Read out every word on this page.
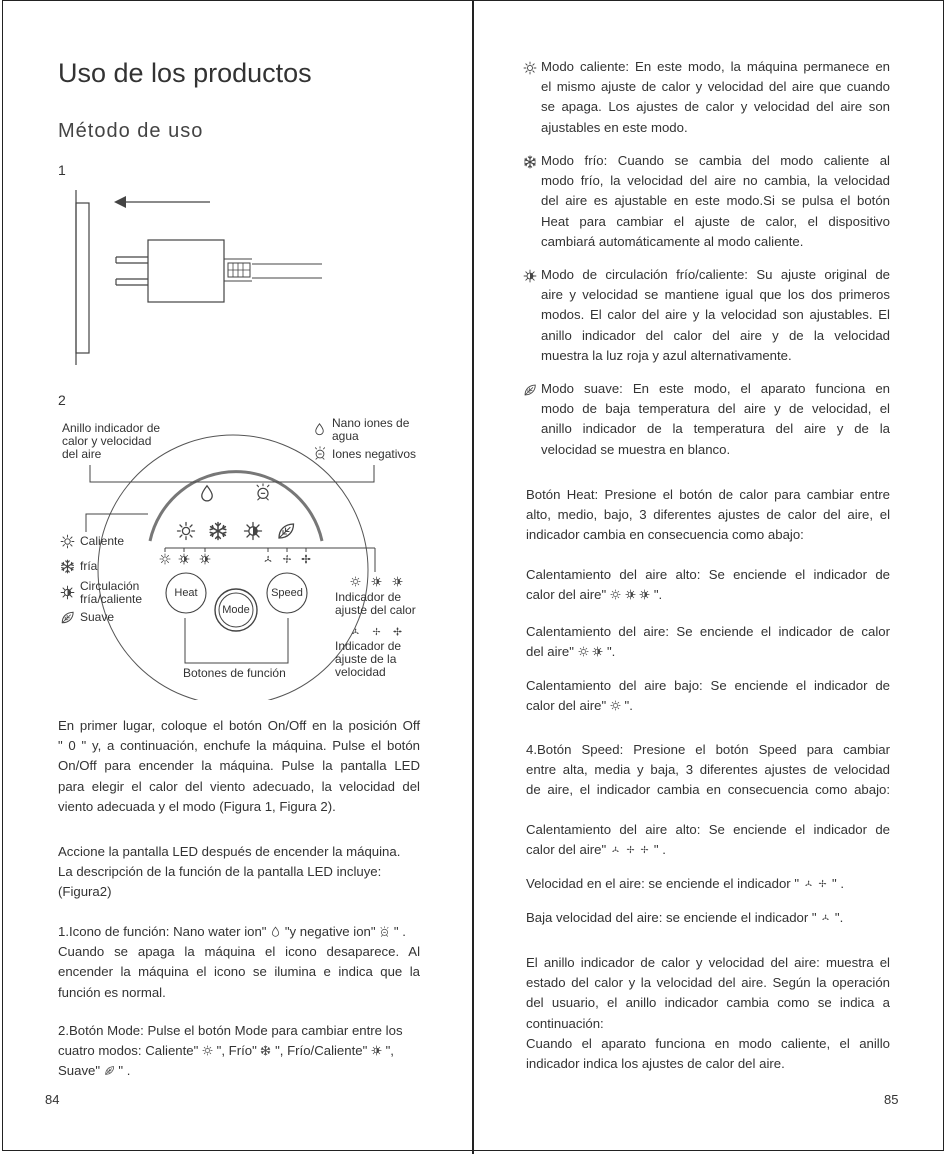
Uso de los productos
Método de uso
1
2
Anillo indicador de
calor y velocidad
del aire
Nano iones de
agua
Iones negativos
Caliente
fría
Circulación
fría/caliente
Suave
Heat
Mode
Speed	Indicador de
ajuste del calor
Indicador de
ajuste de la
velocidad
Botones de función
En primer lugar, coloque el botón On/Off en la posición Off
" 0 " y, a continuación, enchufe la máquina. Pulse el botón
On/Off para encender la máquina. Pulse la pantalla LED
para elegir el calor del viento adecuado, la velocidad del
viento adecuada y el modo (Figura 1, Figura 2).
Accione la pantalla LED después de encender la máquina.
La descripción de la función de la pantalla LED incluye:
(Figura2)
1.Icono de función: Nano water ion"  "y negative ion"  " .
Cuando se apaga la máquina el icono desaparece. Al
encender la máquina el icono se ilumina e indica que la
función es normal.
2.Botón Mode: Pulse el botón Mode para cambiar entre los
cuatro modos: Caliente"  ", Frío"  ", Frío/Caliente"  ",
Suave"  " .
84
Modo caliente: En este modo, la máquina permanece en
el mismo ajuste de calor y velocidad del aire que cuando
se apaga. Los ajustes de calor y velocidad del aire son
ajustables en este modo.
Modo frío: Cuando se cambia del modo caliente al
modo frío, la velocidad del aire no cambia, la velocidad
del aire es ajustable en este modo.Si se pulsa el botón
Heat para cambiar el ajuste de calor, el dispositivo
cambiará automáticamente al modo caliente.
Modo de circulación frío/caliente: Su ajuste original de
aire y velocidad se mantiene igual que los dos primeros
modos. El calor del aire y la velocidad son ajustables. El
anillo indicador del calor del aire y de la velocidad
muestra la luz roja y azul alternativamente.
Modo suave: En este modo, el aparato funciona en
modo de baja temperatura del aire y de velocidad, el
anillo indicador de la temperatura del aire y de la
velocidad se muestra en blanco.
Botón Heat: Presione el botón de calor para cambiar entre
alto, medio, bajo, 3 diferentes ajustes de calor del aire, el
indicador cambia en consecuencia como abajo:
Calentamiento del aire alto: Se enciende el indicador de
calor del aire"	".
Calentamiento del aire: Se enciende el indicador de calor
del aire"   ".
Calentamiento del aire bajo: Se enciende el indicador de
calor del aire"  ".
4.Botón Speed: Presione el botón Speed para cambiar
entre alta, media y baja, 3 diferentes ajustes de velocidad
de aire, el indicador cambia en consecuencia como abajo:
Calentamiento del aire alto: Se enciende el indicador de
calor del aire"	" .
Velocidad en el aire: se enciende el indicador "   " .
Baja velocidad del aire: se enciende el indicador "  ".
El anillo indicador de calor y velocidad del aire: muestra el
estado del calor y la velocidad del aire. Según la operación
del usuario, el anillo indicador cambia como se indica a
continuación:
Cuando el aparato funciona en modo caliente, el anillo
indicador indica los ajustes de calor del aire.
85
